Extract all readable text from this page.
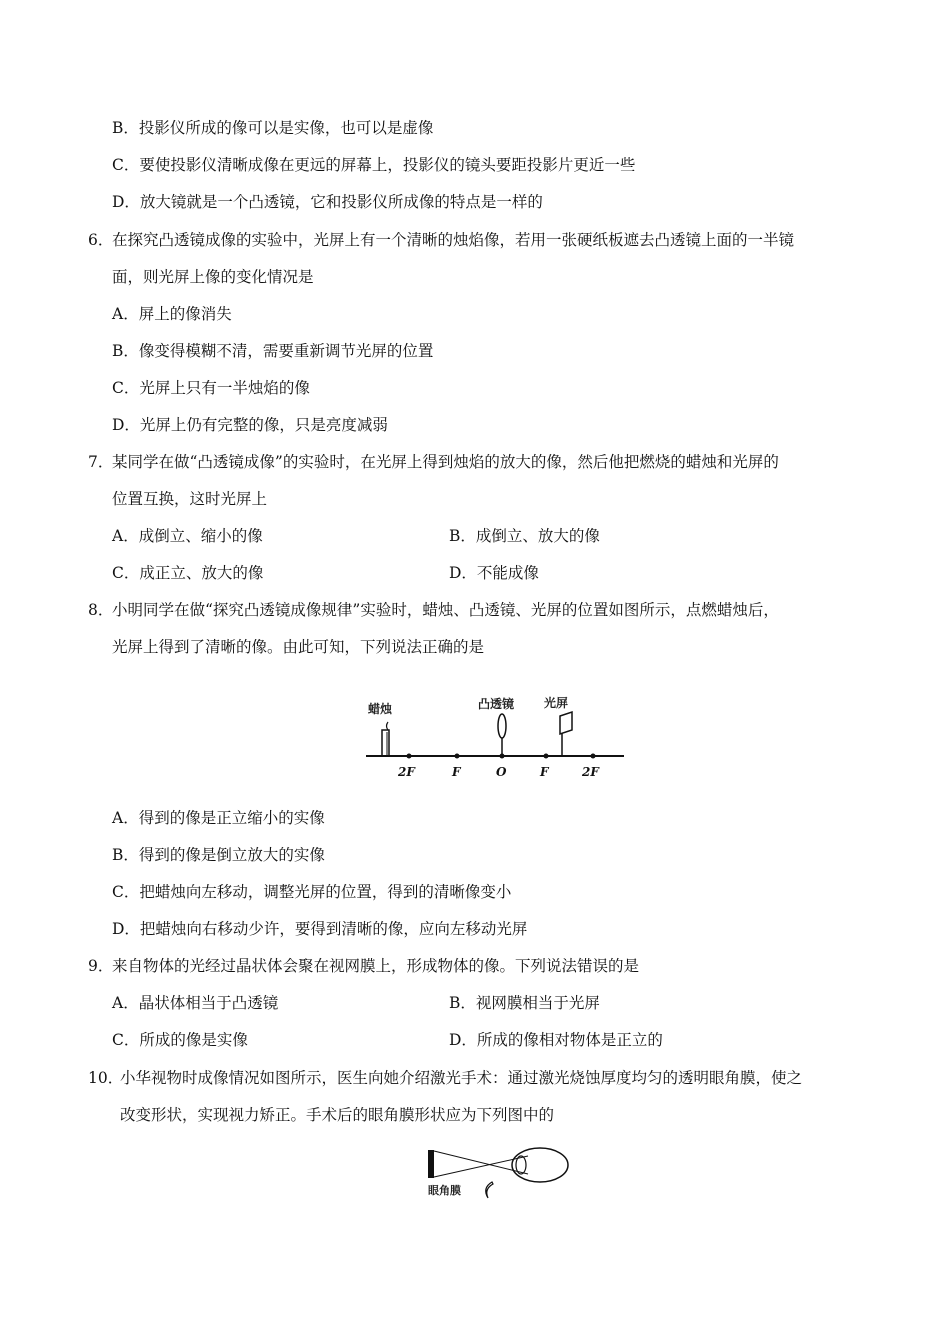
B．投影仪所成的像可以是实像，也可以是虚像
C．要使投影仪清晰成像在更远的屏幕上，投影仪的镜头要距投影片更近一些
D．放大镜就是一个凸透镜，它和投影仪所成像的特点是一样的
6．
在探究凸透镜成像的实验中，光屏上有一个清晰的烛焰像，若用一张硬纸板遮去凸透镜上面的一半镜
面，则光屏上像的变化情况是
A．屏上的像消失
B．像变得模糊不清，需要重新调节光屏的位置
C．光屏上只有一半烛焰的像
D．光屏上仍有完整的像，只是亮度减弱
7．
某同学在做“凸透镜成像”的实验时，在光屏上得到烛焰的放大的像，然后他把燃烧的蜡烛和光屏的
位置互换，这时光屏上
A．成倒立、缩小的像	B．成倒立、放大的像
C．成正立、放大的像	D．不能成像
8．
小明同学在做“探究凸透镜成像规律”实验时，蜡烛、凸透镜、光屏的位置如图所示，点燃蜡烛后，
光屏上得到了清晰的像。由此可知，下列说法正确的是
蜡烛	凸透镜 光屏
2F	F	O	F	2F
A．得到的像是正立缩小的实像
B．得到的像是倒立放大的实像
C．把蜡烛向左移动，调整光屏的位置，得到的清晰像变小
D．把蜡烛向右移动少许，要得到清晰的像，应向左移动光屏
9．
来自物体的光经过晶状体会聚在视网膜上，形成物体的像。下列说法错误的是
A．晶状体相当于凸透镜	B．视网膜相当于光屏
C．所成的像是实像	D．所成的像相对物体是正立的
10．
小华视物时成像情况如图所示，医生向她介绍激光手术：通过激光烧蚀厚度均匀的透明眼角膜，使之
改变形状，实现视力矫正。手术后的眼角膜形状应为下列图中的
眼角膜
